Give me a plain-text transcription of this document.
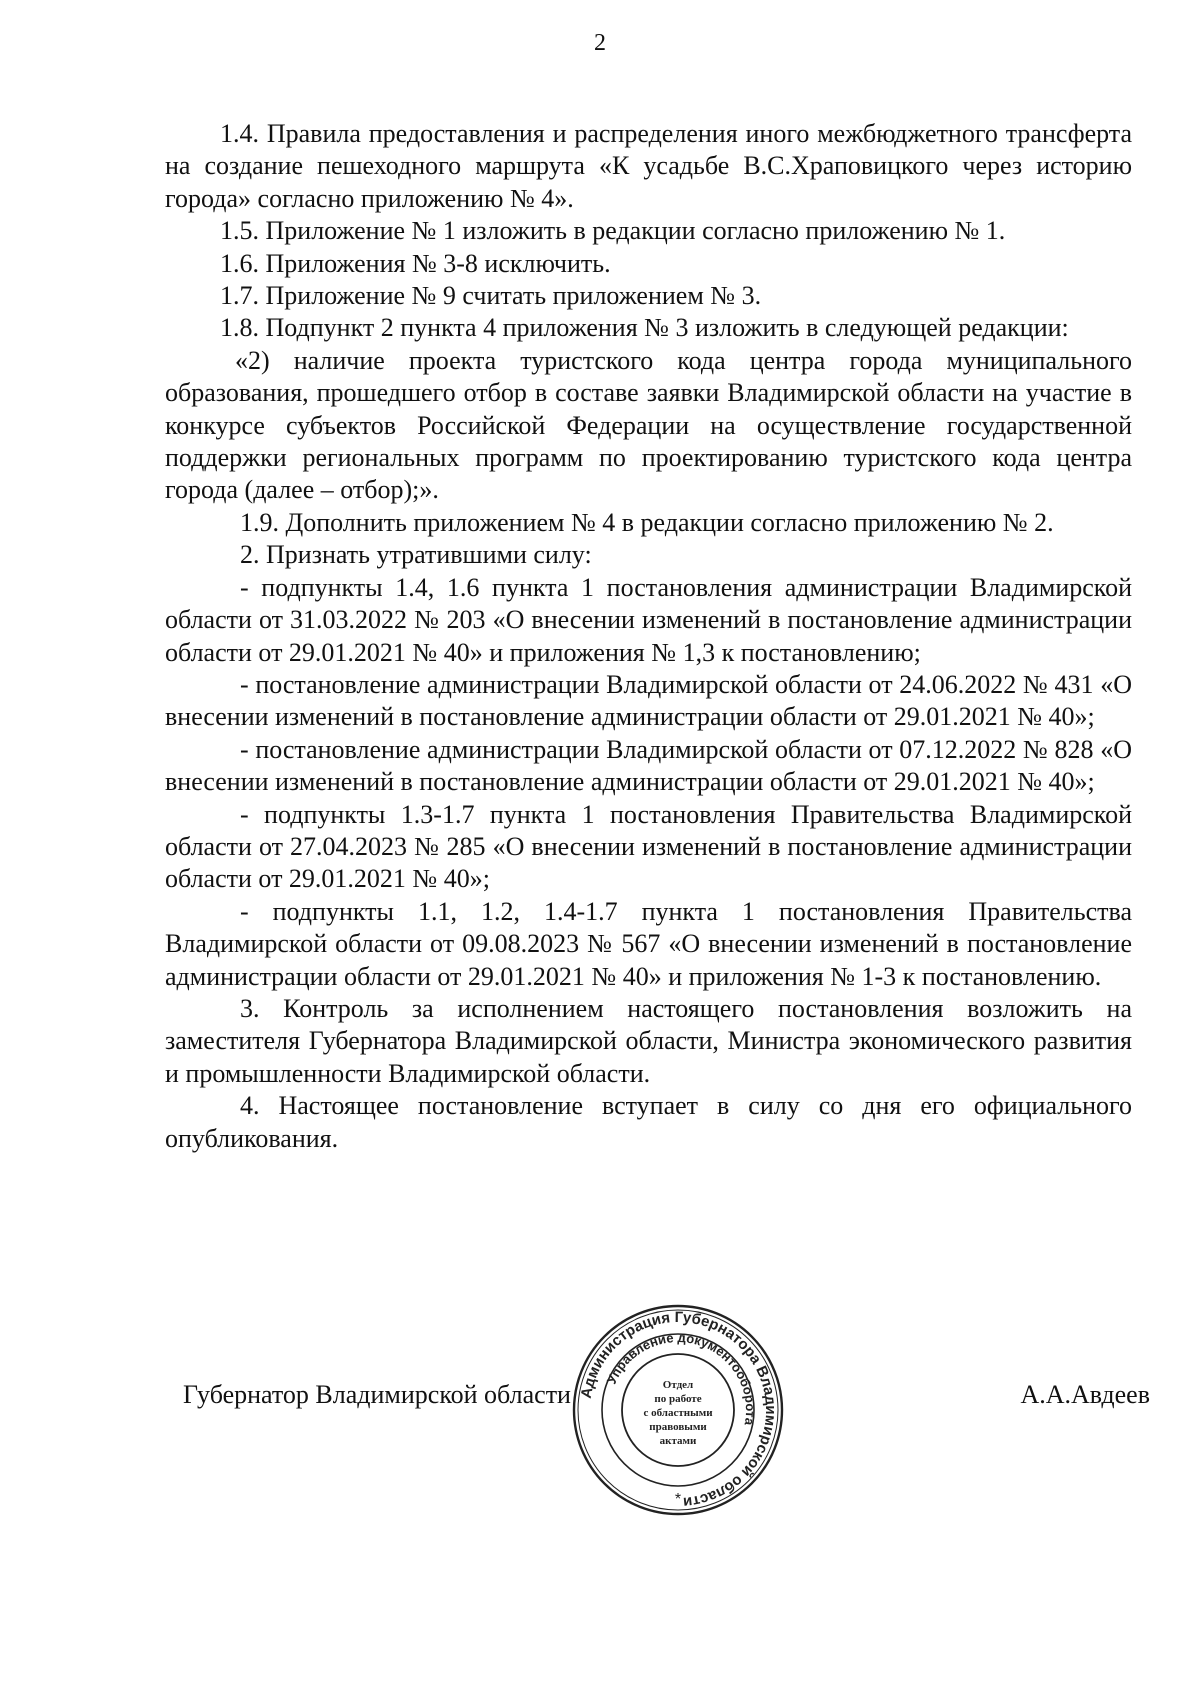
2

1.4. Правила предоставления и распределения иного межбюджетного трансферта на создание пешеходного маршрута «К усадьбе В.С.Храповицкого через историю города» согласно приложению № 4».

1.5. Приложение № 1 изложить в редакции согласно приложению № 1.

1.6. Приложения № 3-8 исключить.

1.7. Приложение № 9 считать приложением № 3.

1.8. Подпункт 2 пункта 4 приложения № 3 изложить в следующей редакции:

«2) наличие проекта туристского кода центра города муниципального образования, прошедшего отбор в составе заявки Владимирской области на участие в конкурсе субъектов Российской Федерации на осуществление государственной поддержки региональных программ по проектированию туристского кода центра города (далее – отбор);».

1.9. Дополнить приложением № 4 в редакции согласно приложению № 2.

2. Признать утратившими силу:

- подпункты 1.4, 1.6 пункта 1 постановления администрации Владимирской области от 31.03.2022 № 203 «О внесении изменений в постановление администрации области от 29.01.2021 № 40» и приложения № 1,3 к постановлению;

- постановление администрации Владимирской области от 24.06.2022 № 431 «О внесении изменений в постановление администрации области от 29.01.2021 № 40»;

- постановление администрации Владимирской области от 07.12.2022 № 828 «О внесении изменений в постановление администрации области от 29.01.2021 № 40»;

- подпункты 1.3-1.7 пункта 1 постановления Правительства Владимирской области от 27.04.2023 № 285 «О внесении изменений в постановление администрации области от 29.01.2021 № 40»;

- подпункты 1.1, 1.2, 1.4-1.7 пункта 1 постановления Правительства Владимирской области от 09.08.2023 № 567 «О внесении изменений в постановление администрации области от 29.01.2021 № 40» и приложения № 1-3 к постановлению.

3. Контроль за исполнением настоящего постановления возложить на заместителя Губернатора Владимирской области, Министра экономического развития и промышленности Владимирской области.

4. Настоящее постановление вступает в силу со дня его официального опубликования.

Губернатор Владимирской области	А.А.Авдеев
Администрация Губернатора Владимирской области
Управление документооборота
Отдел
по работе
с областными
правовыми
актами
*
